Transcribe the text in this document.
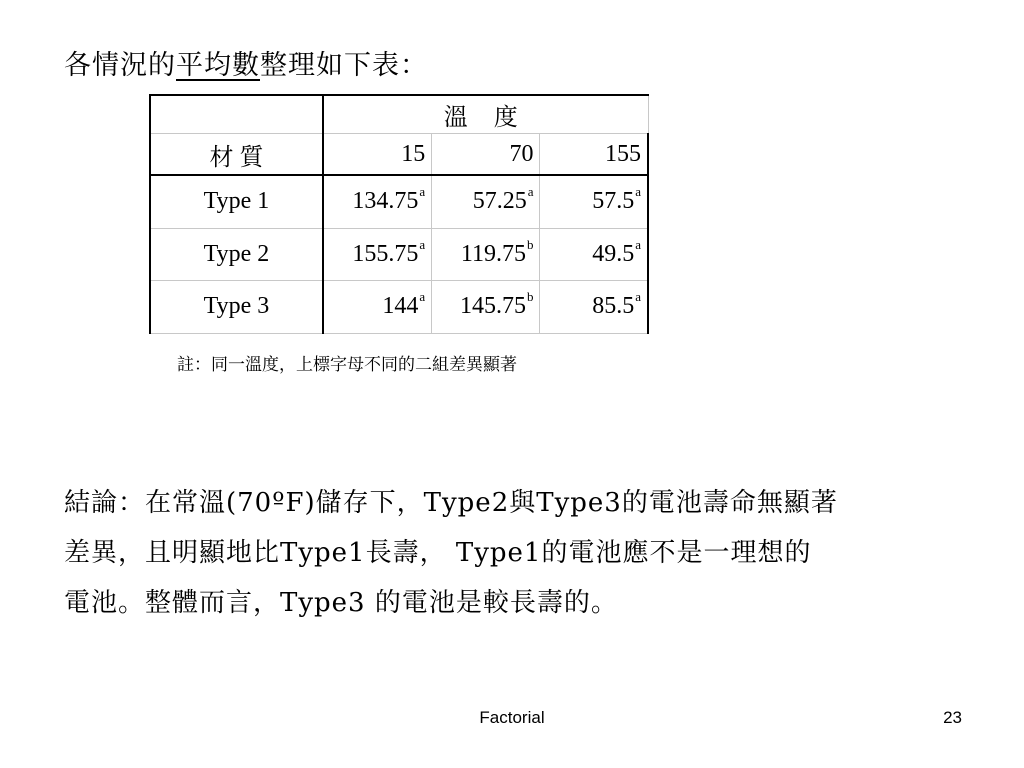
各情況的平均數整理如下表：
	溫 度		
材 質	15	70	155
Type 1	134.75$^a$	57.25$^a$	57.5$^a$
Type 2	155.75$^a$	119.75$^b$	49.5$^a$
Type 3	144$^a$	145.75$^b$	85.5$^a$
註：同一溫度，上標字母不同的二組差異顯著

結論：在常溫(70ºF)儲存下，Type2與Type3的電池壽命無顯著

差異，且明顯地比Type1長壽， Type1的電池應不是一理想的

電池。整體而言，Type3 的電池是較長壽的。

Factorial	23
